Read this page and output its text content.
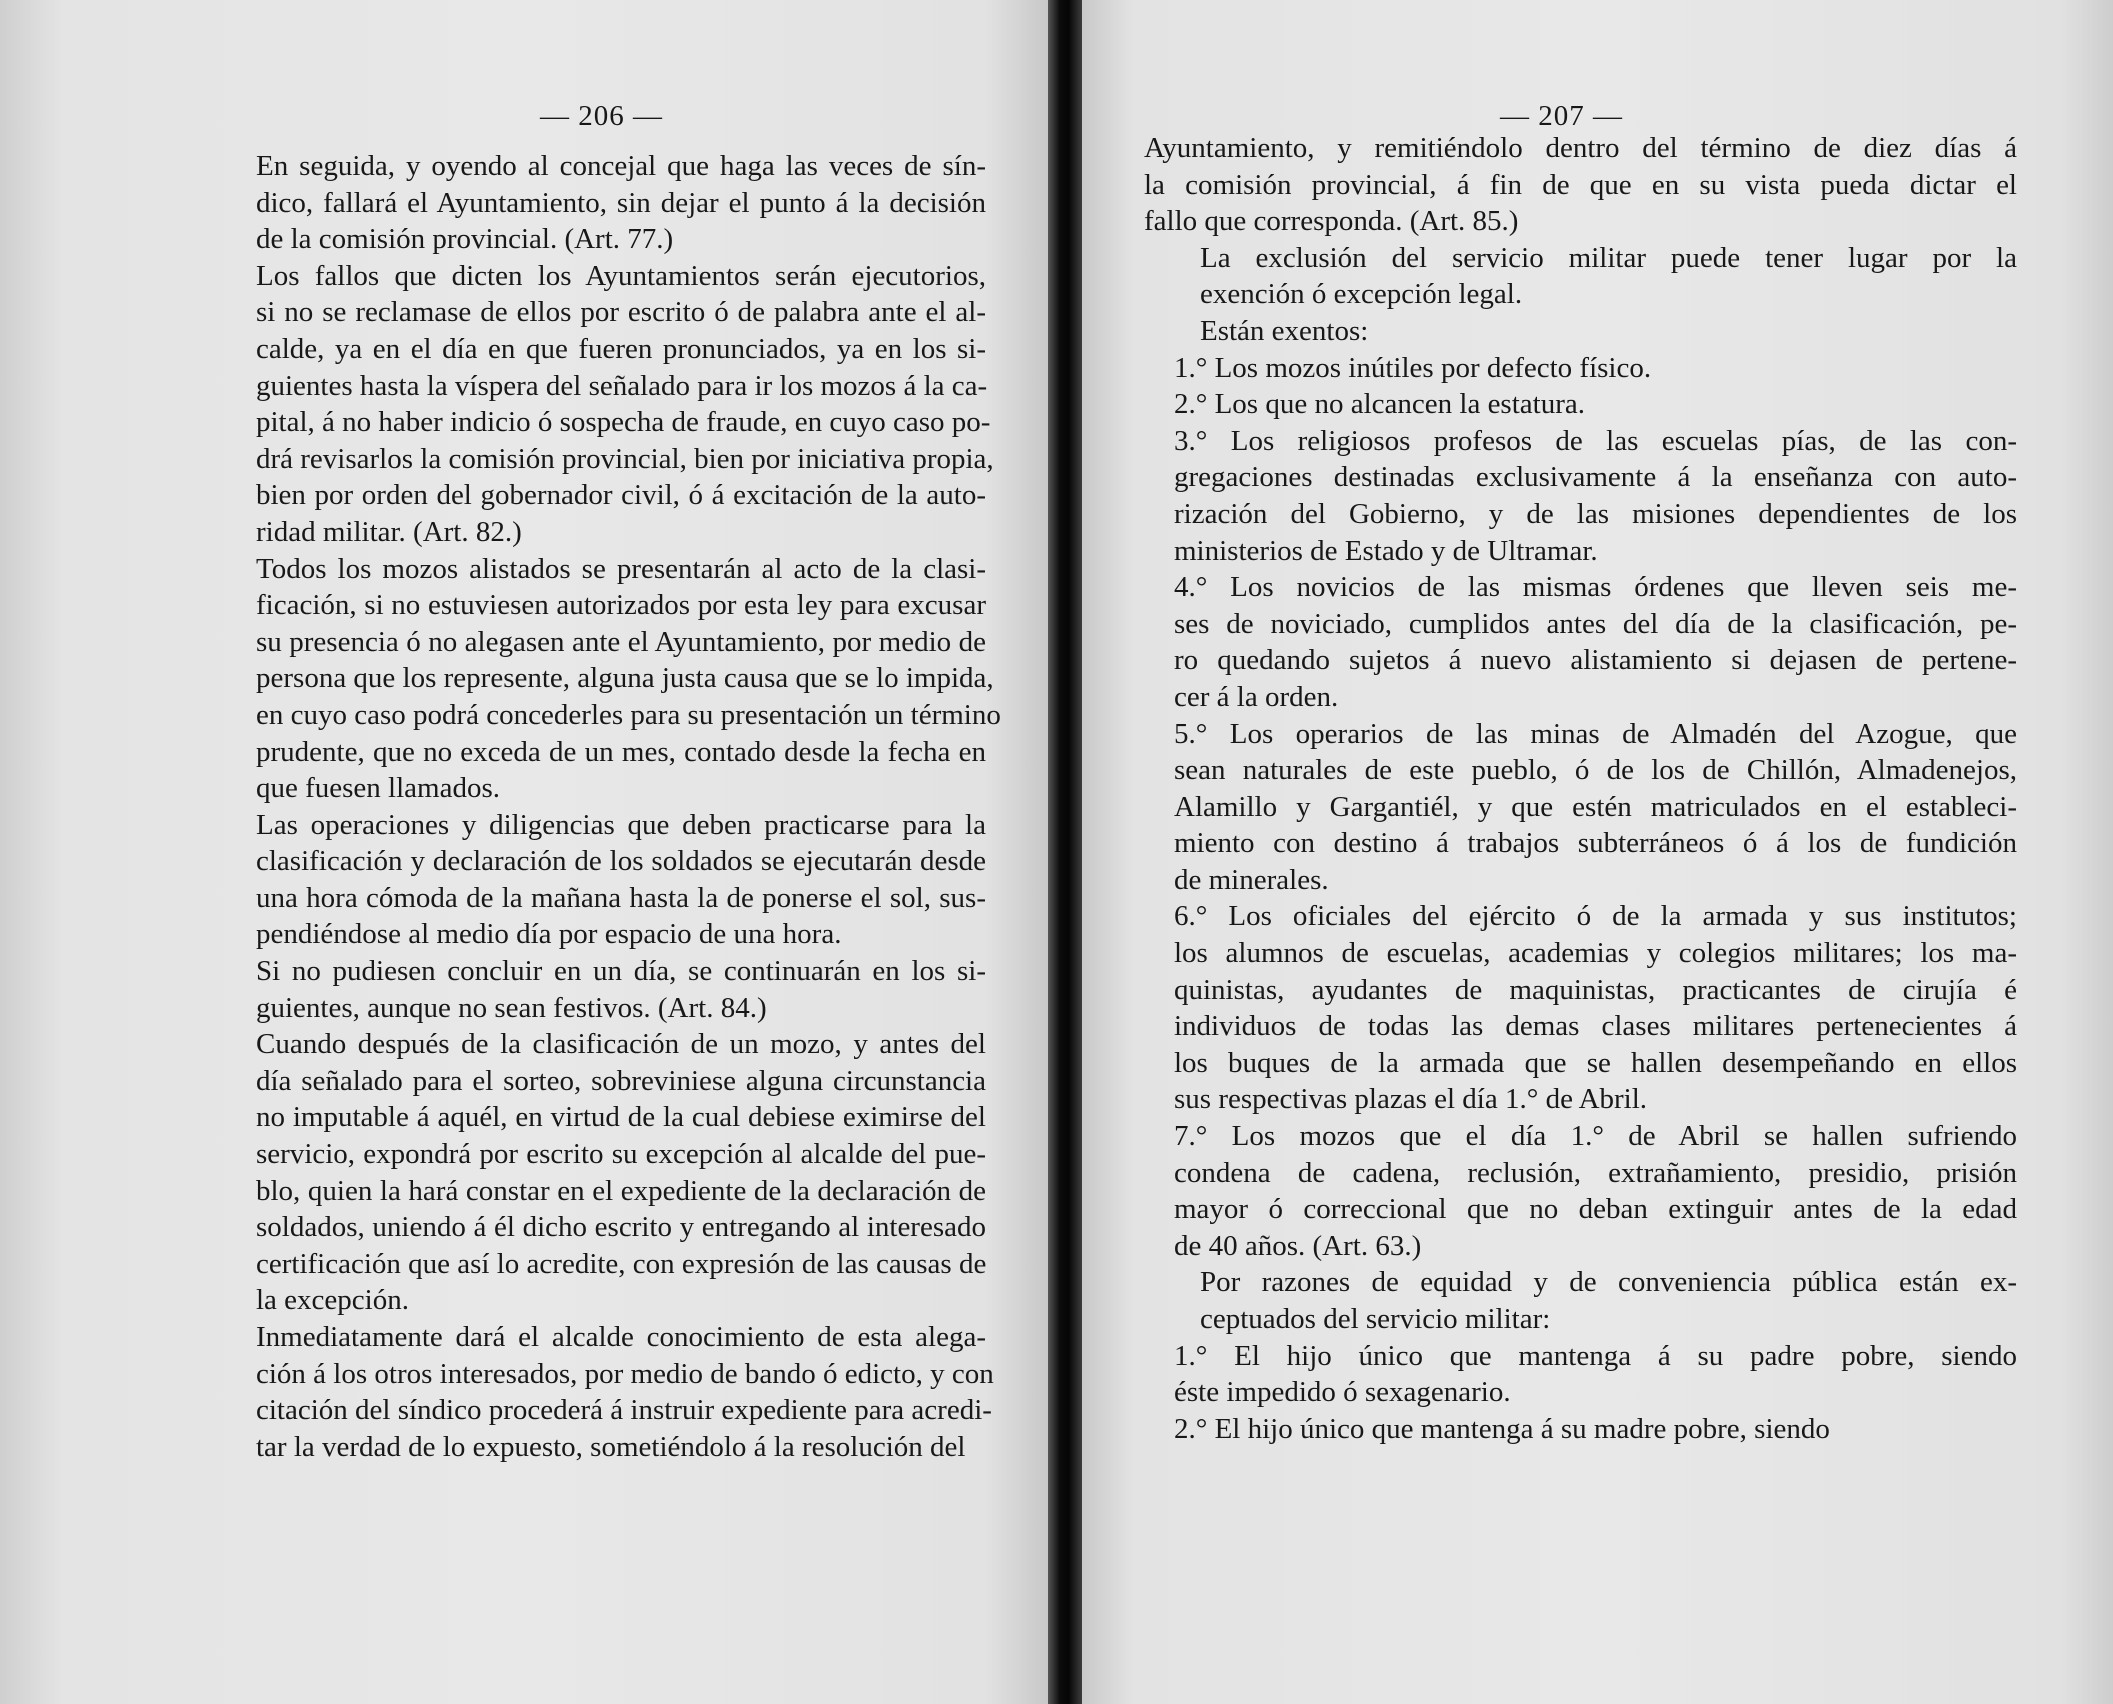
— 206 —

En seguida, y oyendo al concejal que haga las veces de sín-
dico, fallará el Ayuntamiento, sin dejar el punto á la decisión
de la comisión provincial. (Art. 77.)

Los fallos que dicten los Ayuntamientos serán ejecutorios,
si no se reclamase de ellos por escrito ó de palabra ante el al-
calde, ya en el día en que fueren pronunciados, ya en los si-
guientes hasta la víspera del señalado para ir los mozos á la ca-
pital, á no haber indicio ó sospecha de fraude, en cuyo caso po-
drá revisarlos la comisión provincial, bien por iniciativa propia,
bien por orden del gobernador civil, ó á excitación de la auto-
ridad militar. (Art. 82.)

Todos los mozos alistados se presentarán al acto de la clasi-
ficación, si no estuviesen autorizados por esta ley para excusar
su presencia ó no alegasen ante el Ayuntamiento, por medio de
persona que los represente, alguna justa causa que se lo impida,
en cuyo caso podrá concederles para su presentación un término
prudente, que no exceda de un mes, contado desde la fecha en
que fuesen llamados.

Las operaciones y diligencias que deben practicarse para la
clasificación y declaración de los soldados se ejecutarán desde
una hora cómoda de la mañana hasta la de ponerse el sol, sus-
pendiéndose al medio día por espacio de una hora.

Si no pudiesen concluir en un día, se continuarán en los si-
guientes, aunque no sean festivos. (Art. 84.)

Cuando después de la clasificación de un mozo, y antes del
día señalado para el sorteo, sobreviniese alguna circunstancia
no imputable á aquél, en virtud de la cual debiese eximirse del
servicio, expondrá por escrito su excepción al alcalde del pue-
blo, quien la hará constar en el expediente de la declaración de
soldados, uniendo á él dicho escrito y entregando al interesado
certificación que así lo acredite, con expresión de las causas de
la excepción.

Inmediatamente dará el alcalde conocimiento de esta alega-
ción á los otros interesados, por medio de bando ó edicto, y con
citación del síndico procederá á instruir expediente para acredi-
tar la verdad de lo expuesto, sometiéndolo á la resolución del

— 207 —

Ayuntamiento, y remitiéndolo dentro del término de diez días á
la comisión provincial, á fin de que en su vista pueda dictar el
fallo que corresponda. (Art. 85.)

La exclusión del servicio militar puede tener lugar por la
exención ó excepción legal.

Están exentos:

1.° Los mozos inútiles por defecto físico.

2.° Los que no alcancen la estatura.

3.° Los religiosos profesos de las escuelas pías, de las con-
gregaciones destinadas exclusivamente á la enseñanza con auto-
rización del Gobierno, y de las misiones dependientes de los
ministerios de Estado y de Ultramar.

4.° Los novicios de las mismas órdenes que lleven seis me-
ses de noviciado, cumplidos antes del día de la clasificación, pe-
ro quedando sujetos á nuevo alistamiento si dejasen de pertene-
cer á la orden.

5.° Los operarios de las minas de Almadén del Azogue, que
sean naturales de este pueblo, ó de los de Chillón, Almadenejos,
Alamillo y Gargantiél, y que estén matriculados en el estableci-
miento con destino á trabajos subterráneos ó á los de fundición
de minerales.

6.° Los oficiales del ejército ó de la armada y sus institutos;
los alumnos de escuelas, academias y colegios militares; los ma-
quinistas, ayudantes de maquinistas, practicantes de cirujía é
individuos de todas las demas clases militares pertenecientes á
los buques de la armada que se hallen desempeñando en ellos
sus respectivas plazas el día 1.° de Abril.

7.° Los mozos que el día 1.° de Abril se hallen sufriendo
condena de cadena, reclusión, extrañamiento, presidio, prisión
mayor ó correccional que no deban extinguir antes de la edad
de 40 años. (Art. 63.)

Por razones de equidad y de conveniencia pública están ex-
ceptuados del servicio militar:

1.° El hijo único que mantenga á su padre pobre, siendo
éste impedido ó sexagenario.

2.° El hijo único que mantenga á su madre pobre, siendo
